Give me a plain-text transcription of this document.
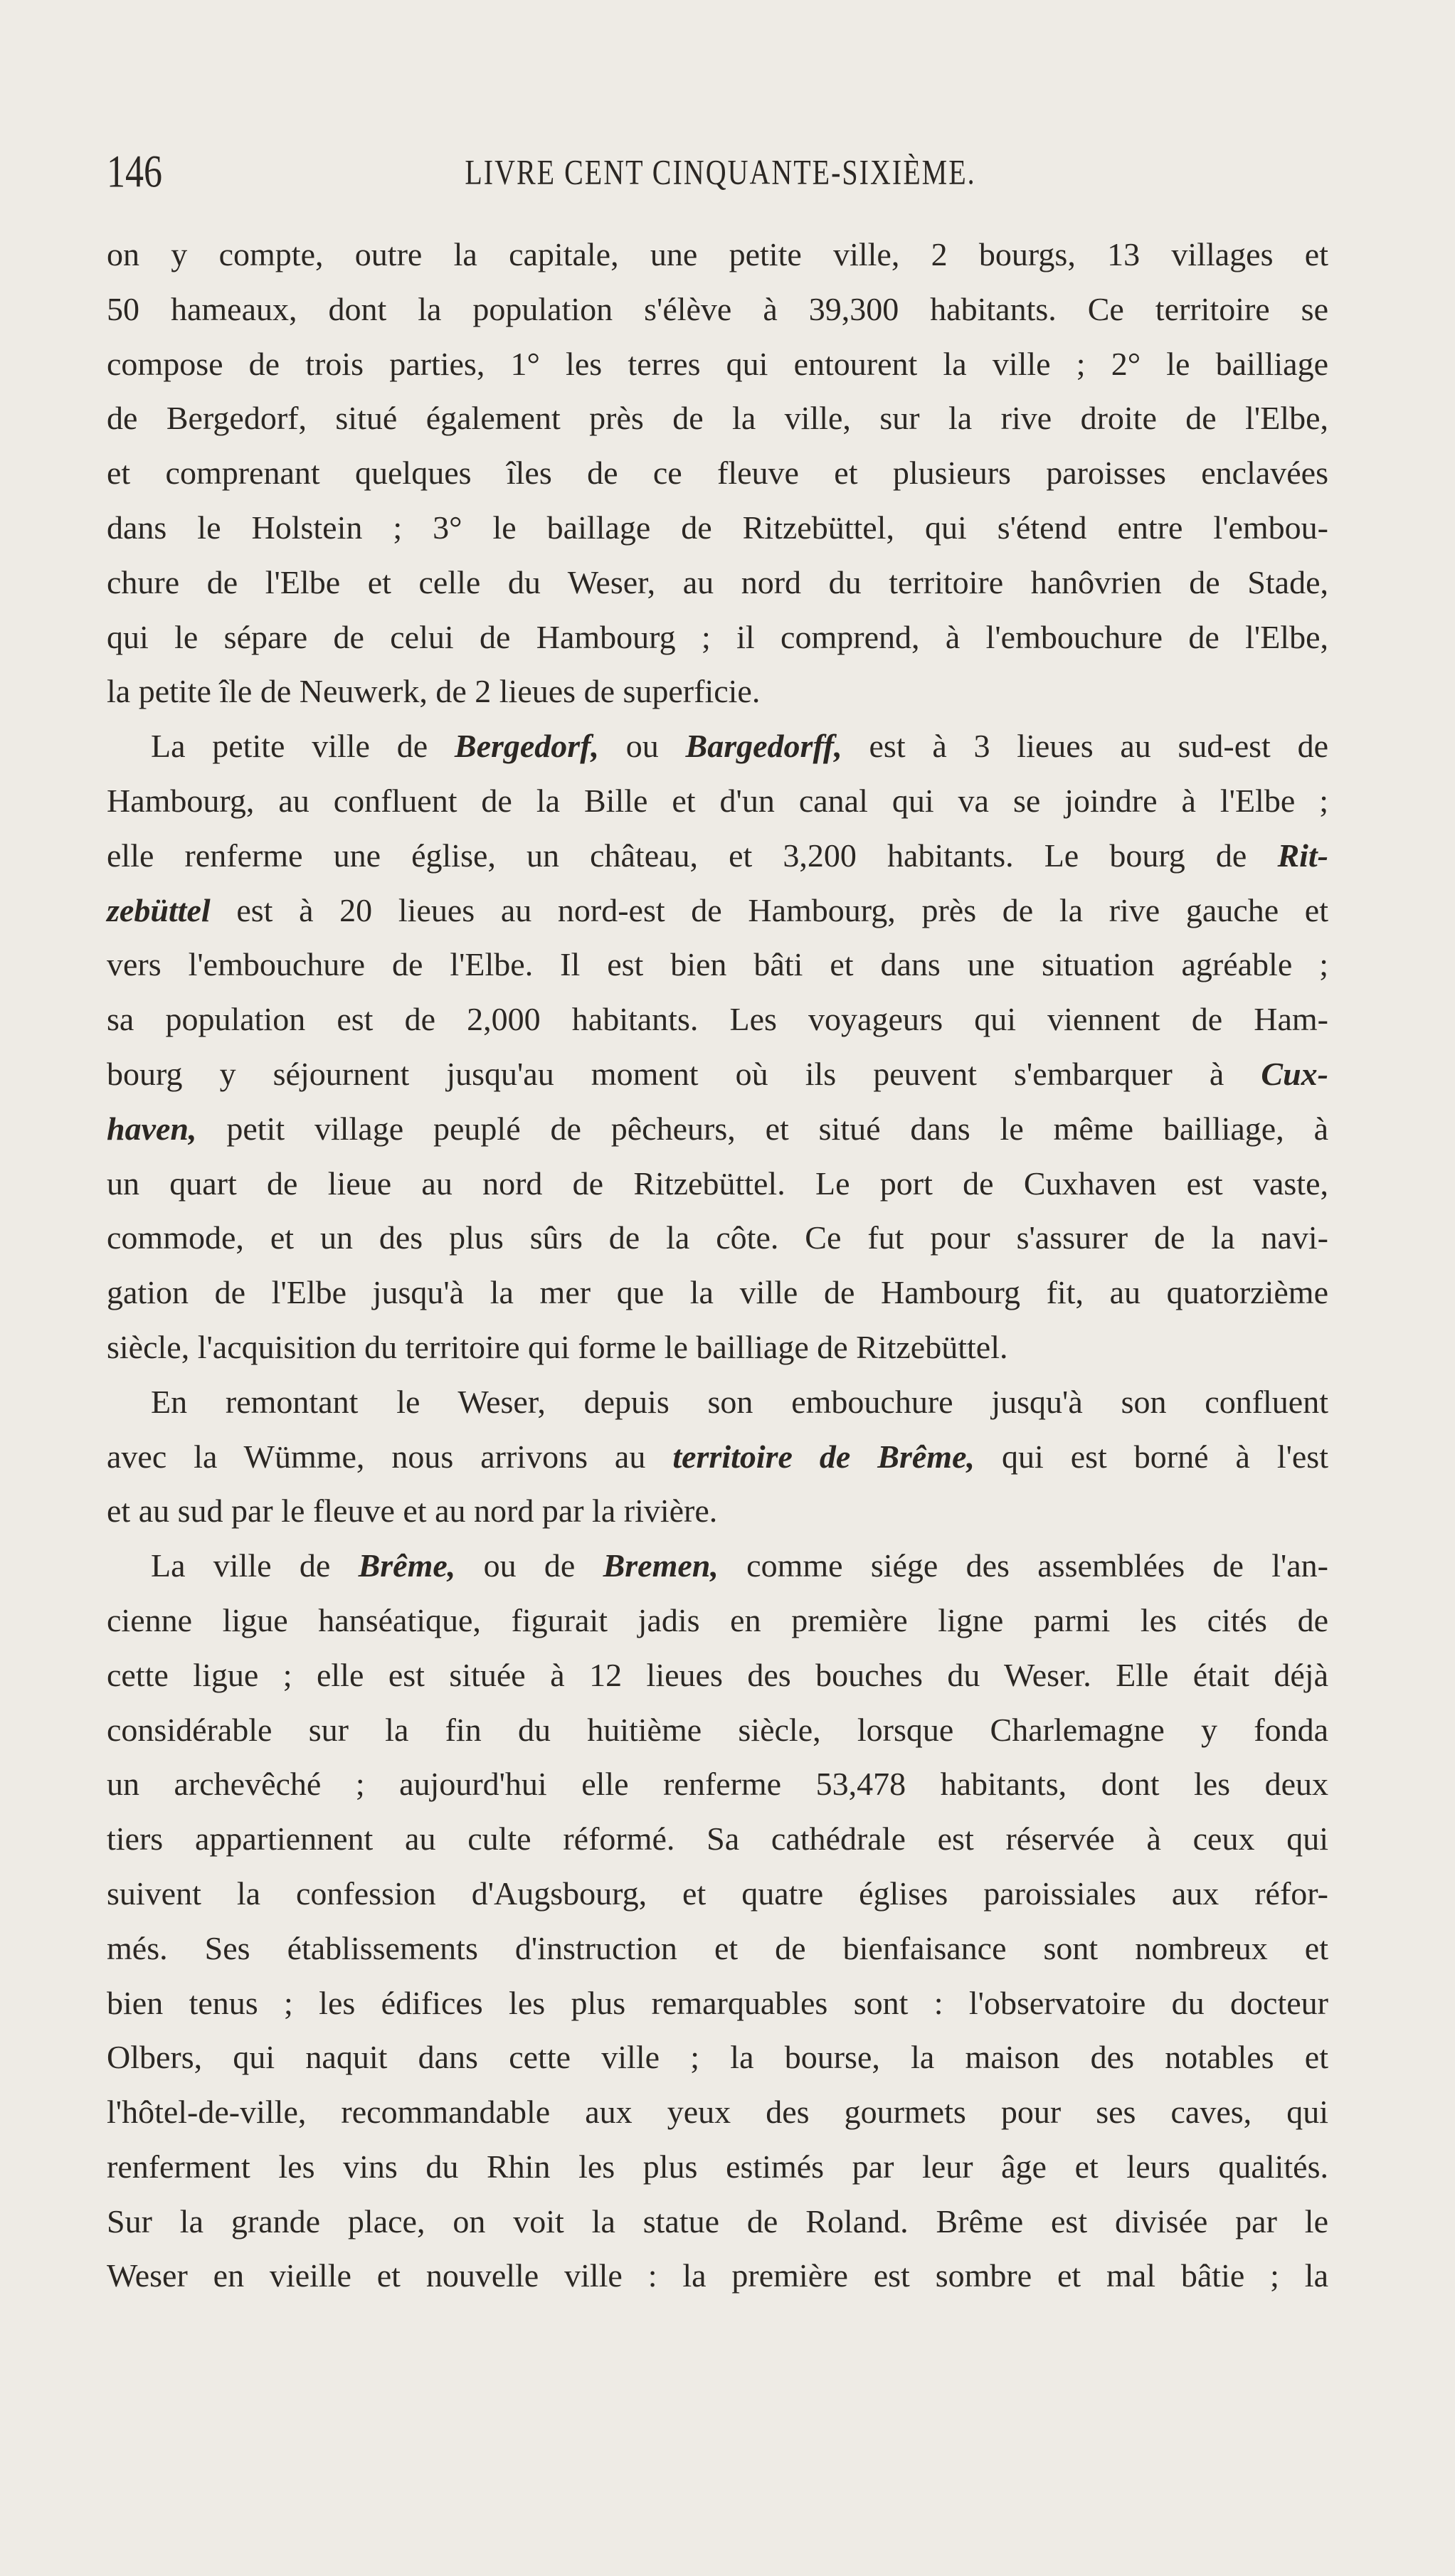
146	LIVRE CENT CINQUANTE-SIXIÈME.
on y compte, outre la capitale, une petite ville, 2 bourgs, 13 villages et
50 hameaux, dont la population s'élève à 39,300 habitants. Ce territoire se
compose de trois parties, 1° les terres qui entourent la ville ; 2° le bailliage
de Bergedorf, situé également près de la ville, sur la rive droite de l'Elbe,
et comprenant quelques îles de ce fleuve et plusieurs paroisses enclavées
dans le Holstein ; 3° le baillage de Ritzebüttel, qui s'étend entre l'embou-
chure de l'Elbe et celle du Weser, au nord du territoire hanôvrien de Stade,
qui le sépare de celui de Hambourg ; il comprend, à l'embouchure de l'Elbe,
la petite île de Neuwerk, de 2 lieues de superficie.
La petite ville de Bergedorf, ou Bargedorff, est à 3 lieues au sud-est de
Hambourg, au confluent de la Bille et d'un canal qui va se joindre à l'Elbe ;
elle renferme une église, un château, et 3,200 habitants. Le bourg de Rit-
zebüttel est à 20 lieues au nord-est de Hambourg, près de la rive gauche et
vers l'embouchure de l'Elbe. Il est bien bâti et dans une situation agréable ;
sa population est de 2,000 habitants. Les voyageurs qui viennent de Ham-
bourg y séjournent jusqu'au moment où ils peuvent s'embarquer à Cux-
haven, petit village peuplé de pêcheurs, et situé dans le même bailliage, à
un quart de lieue au nord de Ritzebüttel. Le port de Cuxhaven est vaste,
commode, et un des plus sûrs de la côte. Ce fut pour s'assurer de la navi-
gation de l'Elbe jusqu'à la mer que la ville de Hambourg fit, au quatorzième
siècle, l'acquisition du territoire qui forme le bailliage de Ritzebüttel.
En remontant le Weser, depuis son embouchure jusqu'à son confluent
avec la Wümme, nous arrivons au territoire de Brême, qui est borné à l'est
et au sud par le fleuve et au nord par la rivière.
La ville de Brême, ou de Bremen, comme siége des assemblées de l'an-
cienne ligue hanséatique, figurait jadis en première ligne parmi les cités de
cette ligue ; elle est située à 12 lieues des bouches du Weser. Elle était déjà
considérable sur la fin du huitième siècle, lorsque Charlemagne y fonda
un archevêché ; aujourd'hui elle renferme 53,478 habitants, dont les deux
tiers appartiennent au culte réformé. Sa cathédrale est réservée à ceux qui
suivent la confession d'Augsbourg, et quatre églises paroissiales aux réfor-
més. Ses établissements d'instruction et de bienfaisance sont nombreux et
bien tenus ; les édifices les plus remarquables sont : l'observatoire du docteur
Olbers, qui naquit dans cette ville ; la bourse, la maison des notables et
l'hôtel-de-ville, recommandable aux yeux des gourmets pour ses caves, qui
renferment les vins du Rhin les plus estimés par leur âge et leurs qualités.
Sur la grande place, on voit la statue de Roland. Brême est divisée par le
Weser en vieille et nouvelle ville : la première est sombre et mal bâtie ; la
